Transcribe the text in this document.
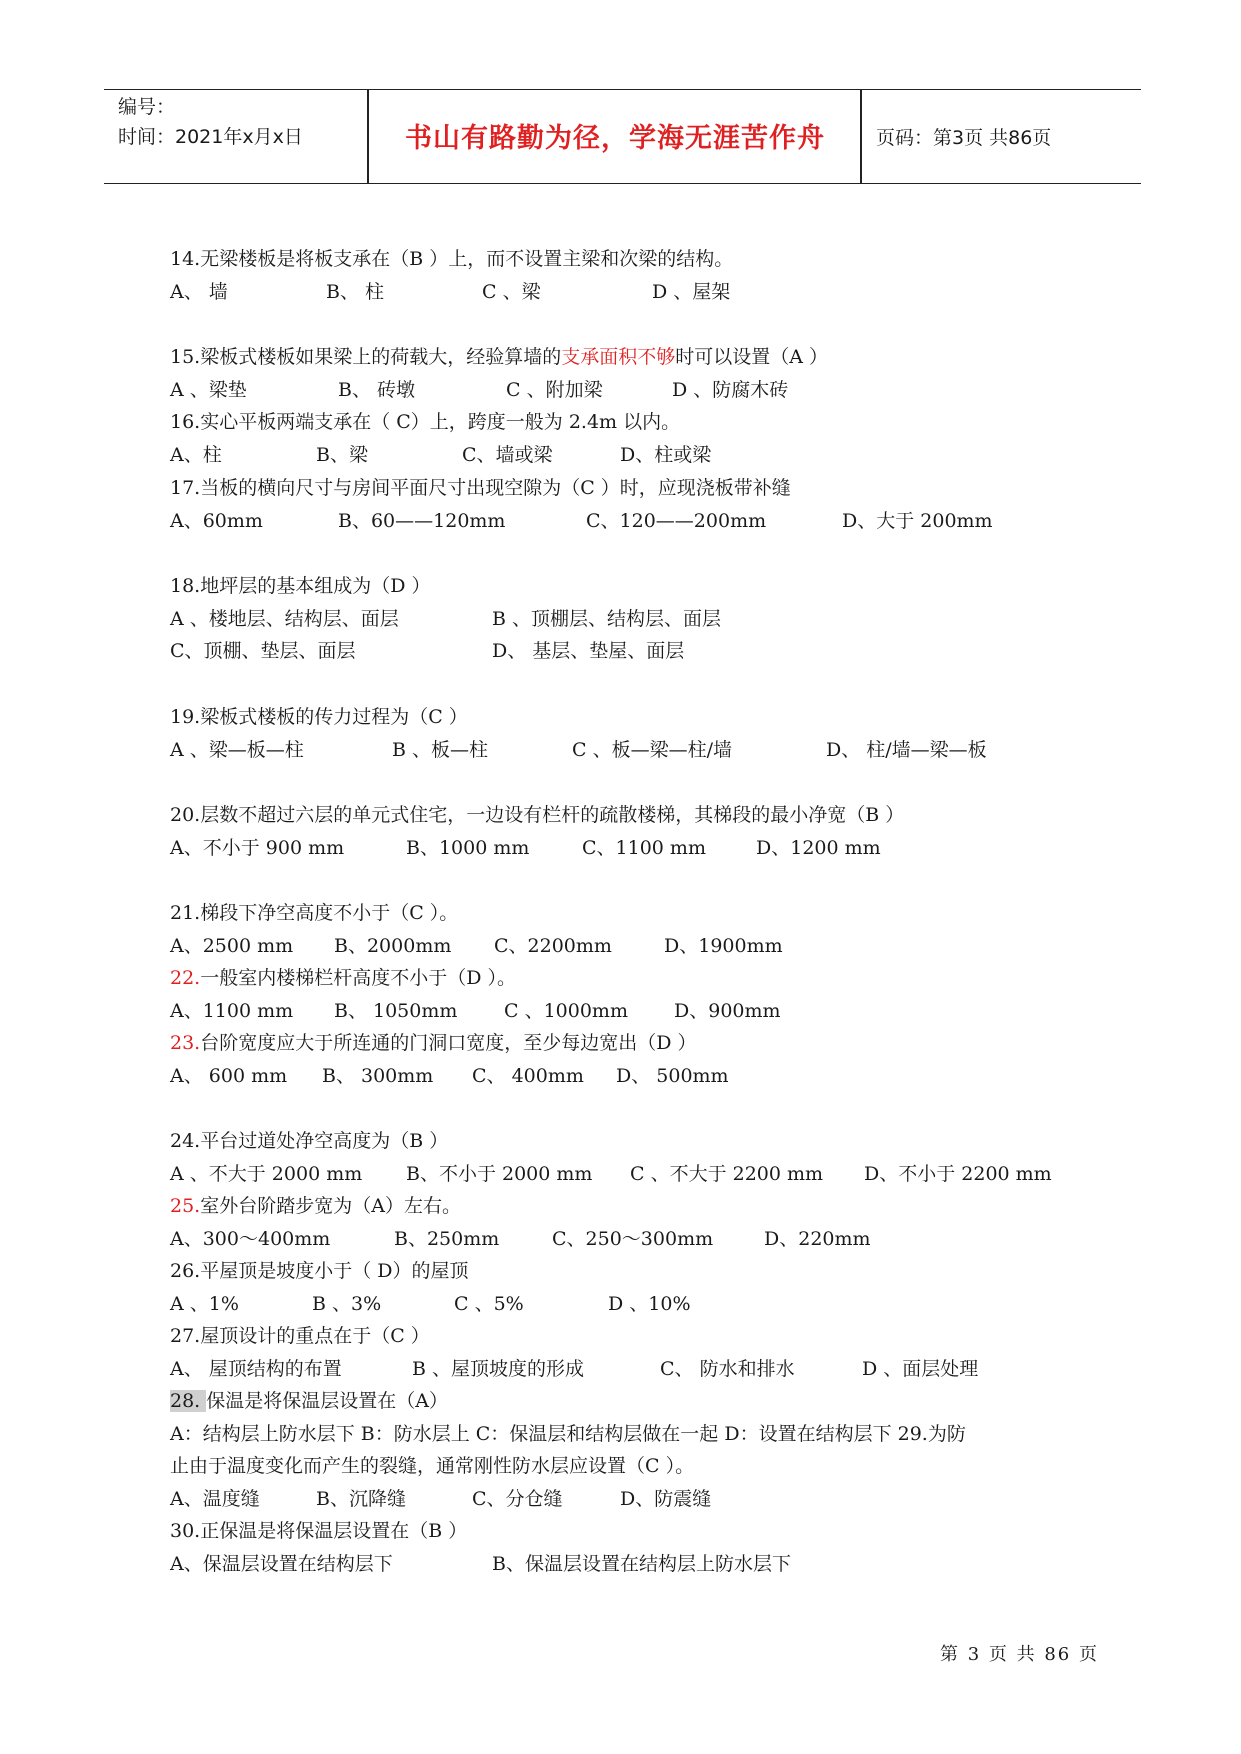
编号：
时间：2021年x月x日	书山有路勤为径，学海无涯苦作舟	页码：第3页 共86页
14.无梁楼板是将板支承在（B ）上，而不设置主梁和次梁的结构。
A、 墙	B、 柱	C 、梁	D 、屋架
15.梁板式楼板如果梁上的荷载大，经验算墙的支承面积不够时可以设置（A ）
A 、梁垫	B、 砖墩	C 、附加梁	D 、防腐木砖
16.实心平板两端支承在（ C）上，跨度一般为 2.4m 以内。
A、柱	B、梁	C、墙或梁	D、柱或梁
17.当板的横向尺寸与房间平面尺寸出现空隙为（C ）时，应现浇板带补缝
A、60mm	B、60——120mm	C、120——200mm	D、大于 200mm
18.地坪层的基本组成为（D ）
A 、楼地层、结构层、面层	B 、顶棚层、结构层、面层
C、顶棚、垫层、面层	D、 基层、垫屋、面层
19.梁板式楼板的传力过程为（C ）
A 、梁—板—柱	B 、板—柱	C 、板—梁—柱/墙	D、 柱/墙—梁—板
20.层数不超过六层的单元式住宅，一边设有栏杆的疏散楼梯，其梯段的最小净宽（B ）
A、不小于 900 mm	B、1000 mm	C、1100 mm	D、1200 mm
21.梯段下净空高度不小于（C ）。
A、2500 mm B、2000mm C、2200mm	D、1900mm
22.一般室内楼梯栏杆高度不小于（D ）。
A、1100 mm B、 1050mm C 、1000mm D、900mm
23.台阶宽度应大于所连通的门洞口宽度，至少每边宽出（D ）
A、 600 mm B、 300mm C、 400mm D、 500mm
24.平台过道处净空高度为（B ）
A 、不大于 2000 mm B、不小于 2000 mm C 、不大于 2200 mm D、不小于 2200 mm
25.室外台阶踏步宽为（A）左右。
A、300～400mm	B、250mm	C、250～300mm	D、220mm
26.平屋顶是坡度小于（ D）的屋顶
A 、1%	B 、3%	C 、5%	D 、10%
27.屋顶设计的重点在于（C ）
A、 屋顶结构的布置	B 、屋顶坡度的形成	C、 防水和排水	D 、面层处理
28. 保温是将保温层设置在（A）
A：结构层上防水层下 B：防水层上 C：保温层和结构层做在一起 D：设置在结构层下 29.为防
止由于温度变化而产生的裂缝，通常刚性防水层应设置（C ）。
A、温度缝	B、沉降缝	C、分仓缝	D、防震缝
30.正保温是将保温层设置在（B ）
A、保温层设置在结构层下	B、保温层设置在结构层上防水层下
第 3 页 共 86 页
